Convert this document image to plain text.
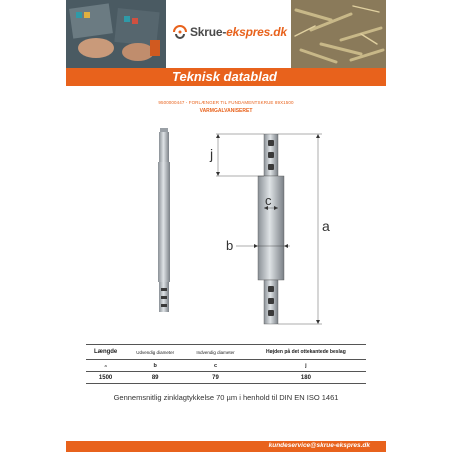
Skrue-ekspres.dk
Teknisk datablad
9500000447 - FORLÆNGER TIL FUNDAMENTSKRUE 89X1500
VARMGALVANISERET
a
j
c
b
Længde	Udvendig diameter	Indvendig diameter	Højden på det ottekantede beslag
a	b	c	j
1500	89	79	180
Gennemsnitlig zinklagtykkelse 70 µm i henhold til DIN EN ISO 1461
kundeservice@skrue-ekspres.dk
